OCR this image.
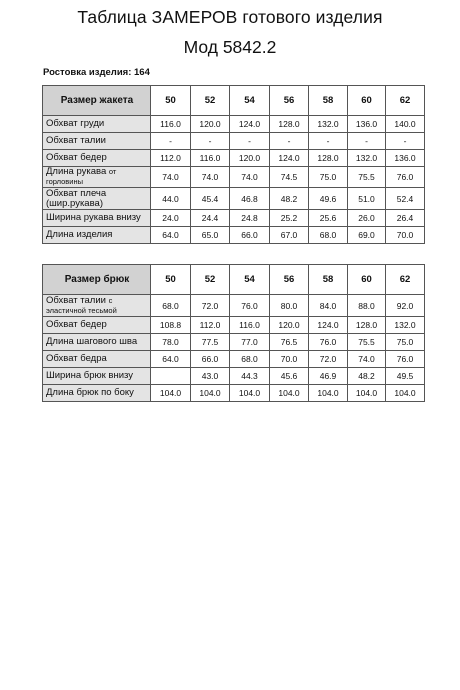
Таблица ЗАМЕРОВ готового изделия
Мод 5842.2
Ростовка изделия: 164
Размер жакета	50	52	54	56	58	60	62
Обхват груди	116.0	120.0	124.0	128.0	132.0	136.0	140.0
Обхват талии	-	-	-	-	-	-	-
Обхват бедер	112.0	116.0	120.0	124.0	128.0	132.0	136.0
Длина рукава от горловины	74.0	74.0	74.0	74.5	75.0	75.5	76.0
Обхват плеча (шир.рукава)	44.0	45.4	46.8	48.2	49.6	51.0	52.4
Ширина рукава внизу	24.0	24.4	24.8	25.2	25.6	26.0	26.4
Длина изделия	64.0	65.0	66.0	67.0	68.0	69.0	70.0
Размер брюк	50	52	54	56	58	60	62
Обхват талии с эластичной тесьмой	68.0	72.0	76.0	80.0	84.0	88.0	92.0
Обхват бедер	108.8	112.0	116.0	120.0	124.0	128.0	132.0
Длина шагового шва	78.0	77.5	77.0	76.5	76.0	75.5	75.0
Обхват бедра	64.0	66.0	68.0	70.0	72.0	74.0	76.0
Ширина брюк внизу		43.0	44.3	45.6	46.9	48.2	49.5
Длина брюк по боку	104.0	104.0	104.0	104.0	104.0	104.0	104.0
